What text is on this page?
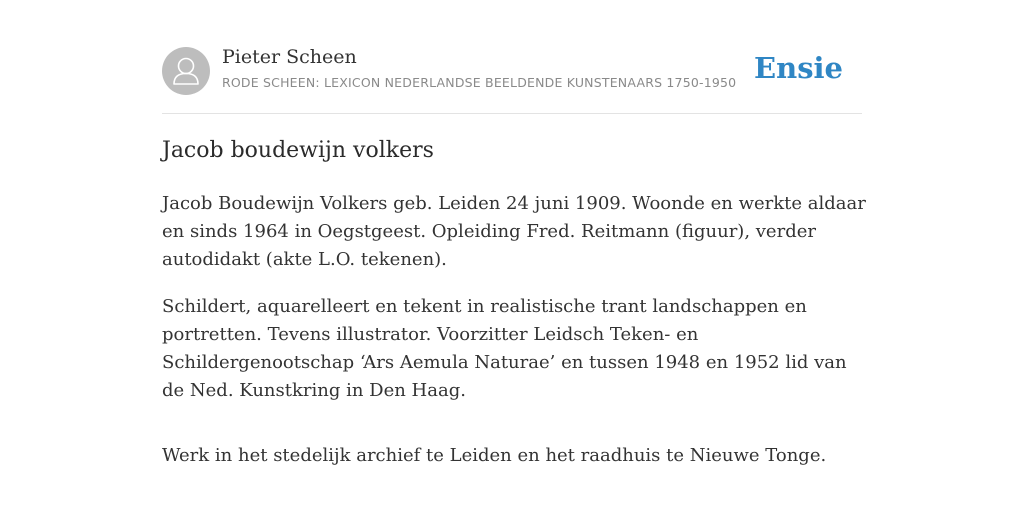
Pieter Scheen
RODE SCHEEN: LEXICON NEDERLANDSE BEELDENDE KUNSTENAARS 1750-1950 Ensie
Jacob boudewijn volkers

Jacob Boudewijn Volkers geb. Leiden 24 juni 1909. Woonde en werkte aldaar en sinds 1964 in Oegstgeest. Opleiding Fred. Reitmann (figuur), verder autodidakt (akte L.O. tekenen).

Schildert, aquarelleert en tekent in realistische trant landschappen en portretten. Tevens illustrator. Voorzitter Leidsch Teken- en Schildergenootschap ‘Ars Aemula Naturae’ en tussen 1948 en 1952 lid van de Ned. Kunstkring in Den Haag.

Werk in het stedelijk archief te Leiden en het raadhuis te Nieuwe Tonge.
